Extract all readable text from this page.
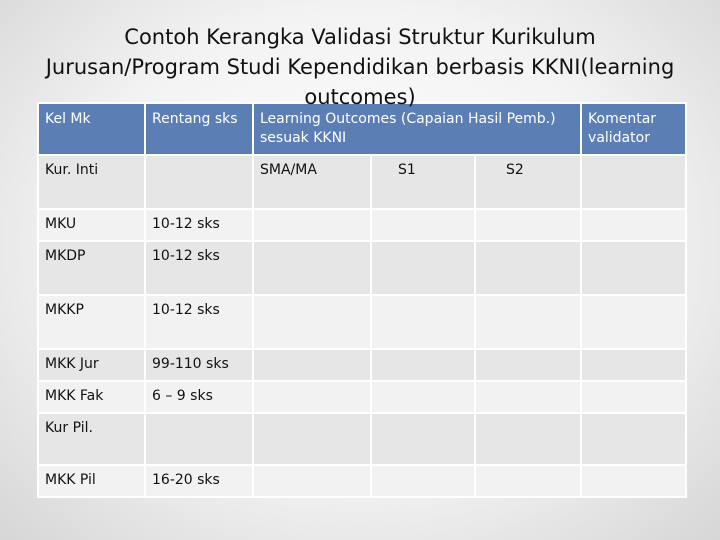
Contoh Kerangka Validasi Struktur Kurikulum
Jurusan/Program Studi Kependidikan berbasis KKNI(learning
outcomes)
Kel Mk	Rentang sks	Learning Outcomes (Capaian Hasil Pemb.) sesuak KKNI			Komentar validator
Kur. Inti		SMA/MA	S1	S2	
MKU	10-12 sks				
MKDP	10-12 sks				
MKKP	10-12 sks				
MKK Jur	99-110 sks				
MKK Fak	6 – 9 sks				
Kur Pil.					
MKK Pil	16-20 sks				
